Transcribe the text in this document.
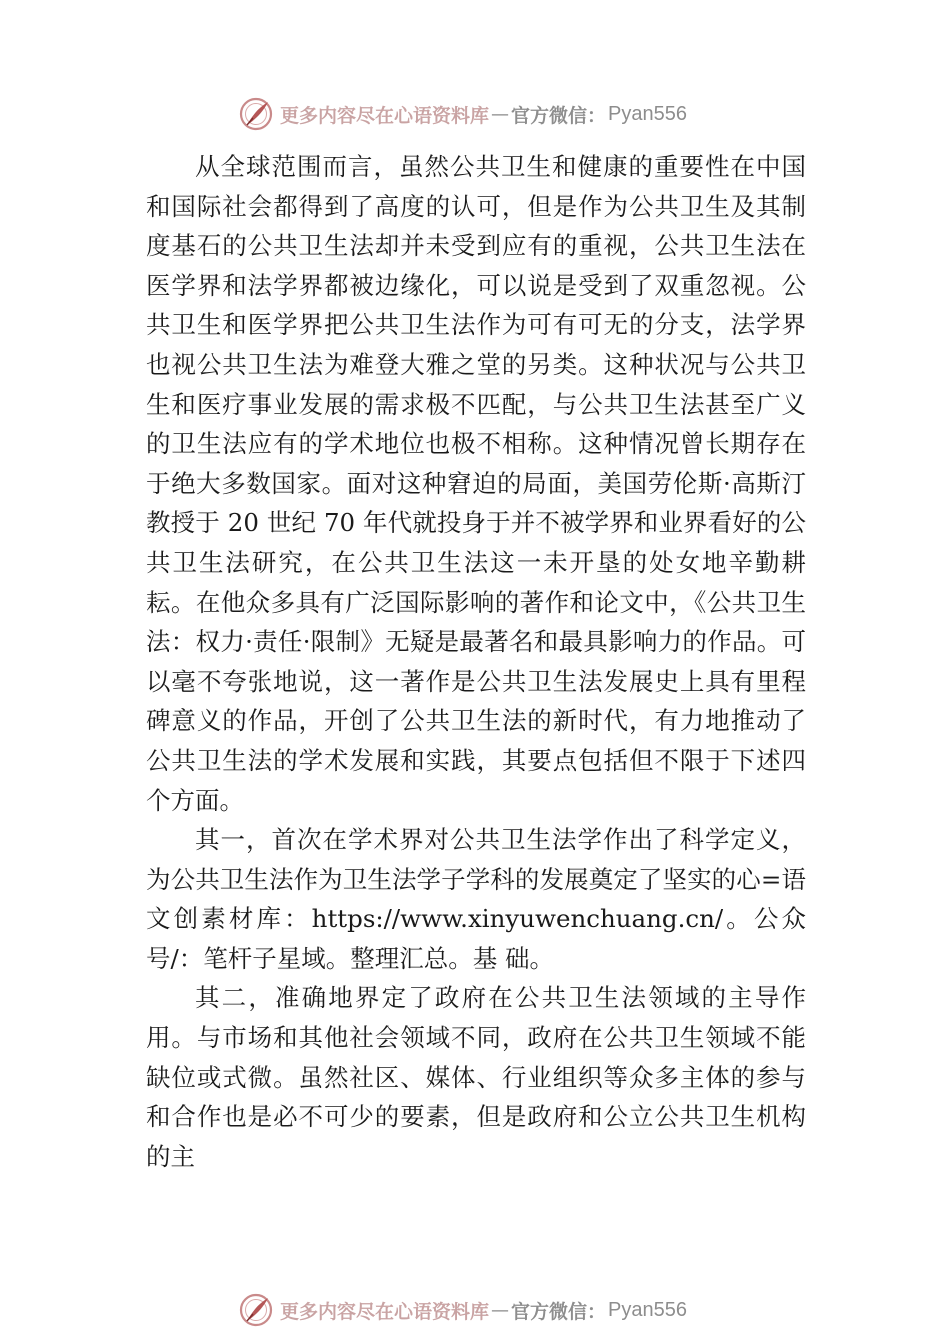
更多内容尽在心语资料库 — 官方微信： Pyan556

从全球范围而言，虽然公共卫生和健康的重要性在中国和国际社会都得到了高度的认可，但是作为公共卫生及其制度基石的公共卫生法却并未受到应有的重视，公共卫生法在医学界和法学界都被边缘化，可以说是受到了双重忽视。公共卫生和医学界把公共卫生法作为可有可无的分支，法学界也视公共卫生法为难登大雅之堂的另类。这种状况与公共卫生和医疗事业发展的需求极不匹配，与公共卫生法甚至广义的卫生法应有的学术地位也极不相称。这种情况曾长期存在于绝大多数国家。面对这种窘迫的局面，美国劳伦斯·高斯汀教授于 20 世纪 70 年代就投身于并不被学界和业界看好的公共卫生法研究，在公共卫生法这一未开垦的处女地辛勤耕耘。在他众多具有广泛国际影响的著作和论文中，《公共卫生法：权力·责任·限制》无疑是最著名和最具影响力的作品。可以毫不夸张地说，这一著作是公共卫生法发展史上具有里程碑意义的作品，开创了公共卫生法的新时代，有力地推动了公共卫生法的学术发展和实践，其要点包括但不限于下述四个方面。

其一，首次在学术界对公共卫生法学作出了科学定义，为公共卫生法作为卫生法学子学科的发展奠定了坚实的心=语文创素材库：https://www.xinyuwenchuang.cn/。公众号/：笔杆子星域。整理汇总。基 础。

其二，准确地界定了政府在公共卫生法领域的主导作用。与市场和其他社会领域不同，政府在公共卫生领域不能缺位或式微。虽然社区、媒体、行业组织等众多主体的参与和合作也是必不可少的要素，但是政府和公立公共卫生机构的主

更多内容尽在心语资料库 — 官方微信： Pyan556
